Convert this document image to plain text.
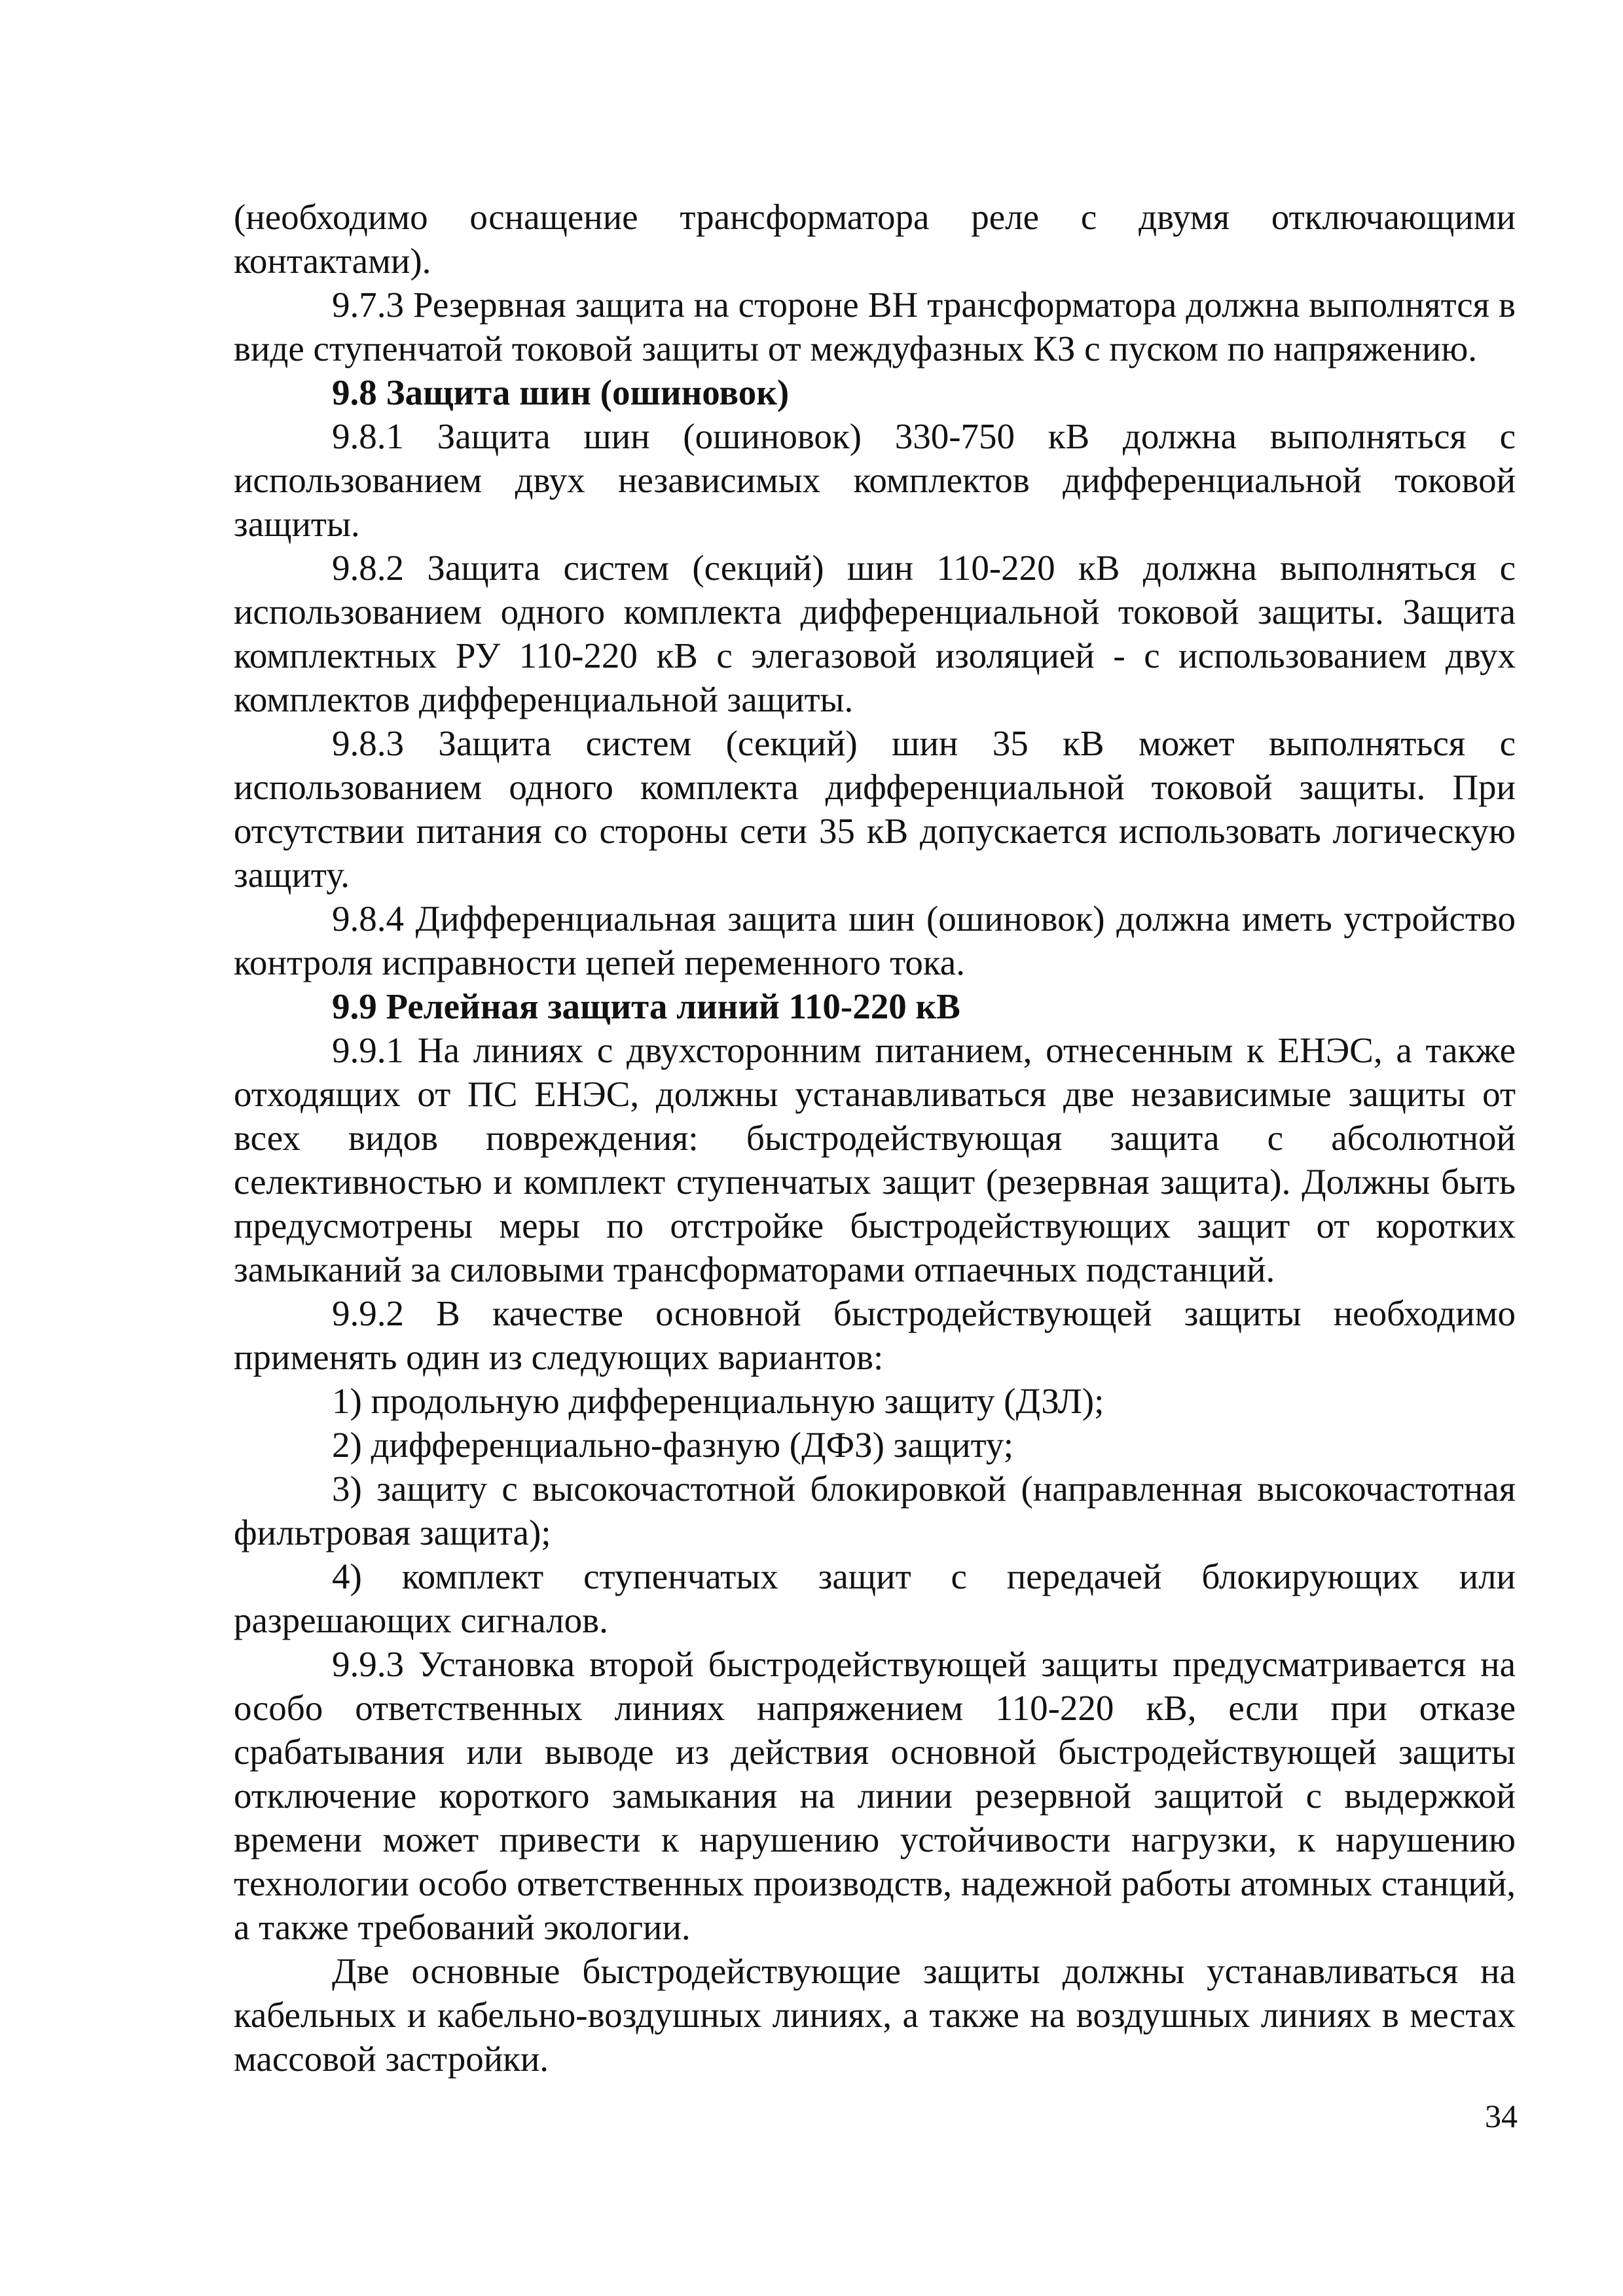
(необходимо оснащение трансформатора реле с двумя отключающими контактами).

9.7.3 Резервная защита на стороне ВН трансформатора должна выполнятся в виде ступенчатой токовой защиты от междуфазных КЗ с пуском по напряжению.

9.8 Защита шин (ошиновок)

9.8.1 Защита шин (ошиновок) 330-750 кВ должна выполняться с использованием двух независимых комплектов дифференциальной токовой защиты.

9.8.2 Защита систем (секций) шин 110-220 кВ должна выполняться с использованием одного комплекта дифференциальной токовой защиты. Защита комплектных РУ 110-220 кВ с элегазовой изоляцией - с использованием двух комплектов дифференциальной защиты.

9.8.3 Защита систем (секций) шин 35 кВ может выполняться с использованием одного комплекта дифференциальной токовой защиты. При отсутствии питания со стороны сети 35 кВ допускается использовать логическую защиту.

9.8.4 Дифференциальная защита шин (ошиновок) должна иметь устройство контроля исправности цепей переменного тока.

9.9 Релейная защита линий 110-220 кВ

9.9.1 На линиях с двухсторонним питанием, отнесенным к ЕНЭС, а также отходящих от ПС ЕНЭС, должны устанавливаться две независимые защиты от всех видов повреждения: быстродействующая защита с абсолютной селективностью и комплект ступенчатых защит (резервная защита). Должны быть предусмотрены меры по отстройке быстродействующих защит от коротких замыканий за силовыми трансформаторами отпаечных подстанций.

9.9.2 В качестве основной быстродействующей защиты необходимо применять один из следующих вариантов:

1) продольную дифференциальную защиту (ДЗЛ);

2) дифференциально-фазную (ДФЗ) защиту;

3) защиту с высокочастотной блокировкой (направленная высокочастотная фильтровая защита);

4) комплект ступенчатых защит с передачей блокирующих или разрешающих сигналов.

9.9.3 Установка второй быстродействующей защиты предусматривается на особо ответственных линиях напряжением 110-220 кВ, если при отказе срабатывания или выводе из действия основной быстродействующей защиты отключение короткого замыкания на линии резервной защитой с выдержкой времени может привести к нарушению устойчивости нагрузки, к нарушению технологии особо ответственных производств, надежной работы атомных станций, а также требований экологии.

Две основные быстродействующие защиты должны устанавливаться на кабельных и кабельно-воздушных линиях, а также на воздушных линиях в местах массовой застройки.

34
